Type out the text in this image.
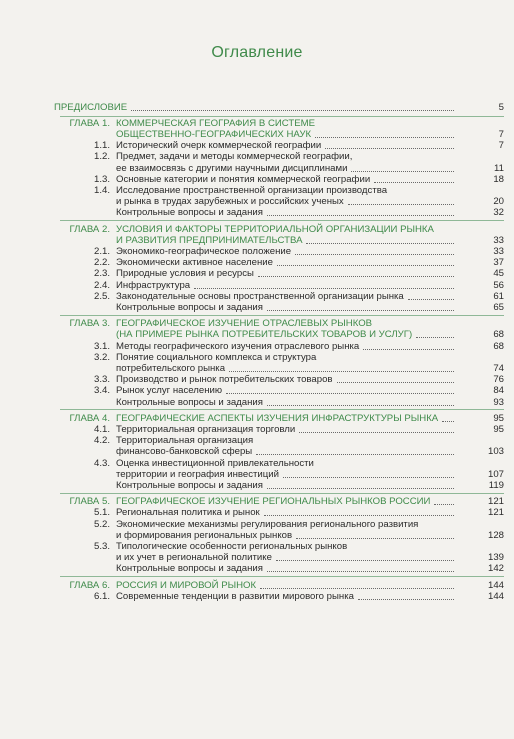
Оглавление
ПРЕДИСЛОВИЕ	5
ГЛАВА 1. КОММЕРЧЕСКАЯ ГЕОГРАФИЯ В СИСТЕМЕ
ОБЩЕСТВЕННО-ГЕОГРАФИЧЕСКИХ НАУК	7
1.1. Исторический очерк коммерческой географии	7
1.2. Предмет, задачи и методы коммерческой географии,
ее взаимосвязь с другими научными дисциплинами	11
1.3. Основные категории и понятия коммерческой географии	18
1.4. Исследование пространственной организации производства
и рынка в трудах зарубежных и российских ученых	20
Контрольные вопросы и задания	32
ГЛАВА 2. УСЛОВИЯ И ФАКТОРЫ ТЕРРИТОРИАЛЬНОЙ ОРГАНИЗАЦИИ РЫНКА
И РАЗВИТИЯ ПРЕДПРИНИМАТЕЛЬСТВА	33
2.1. Экономико-географическое положение	33
2.2. Экономически активное население	37
2.3. Природные условия и ресурсы	45
2.4. Инфраструктура	56
2.5. Законодательные основы пространственной организации рынка	61
Контрольные вопросы и задания	65
ГЛАВА 3. ГЕОГРАФИЧЕСКОЕ ИЗУЧЕНИЕ ОТРАСЛЕВЫХ РЫНКОВ
(НА ПРИМЕРЕ РЫНКА ПОТРЕБИТЕЛЬСКИХ ТОВАРОВ И УСЛУГ)	68
3.1. Методы географического изучения отраслевого рынка	68
3.2. Понятие социального комплекса и структура
потребительского рынка	74
3.3. Производство и рынок потребительских товаров	76
3.4. Рынок услуг населению	84
Контрольные вопросы и задания	93
ГЛАВА 4. ГЕОГРАФИЧЕСКИЕ АСПЕКТЫ ИЗУЧЕНИЯ ИНФРАСТРУКТУРЫ РЫНКА	95
4.1. Территориальная организация торговли	95
4.2. Территориальная организация
финансово-банковской сферы	103
4.3. Оценка инвестиционной привлекательности
территории и география инвестиций	107
Контрольные вопросы и задания	119
ГЛАВА 5. ГЕОГРАФИЧЕСКОЕ ИЗУЧЕНИЕ РЕГИОНАЛЬНЫХ РЫНКОВ РОССИИ	121
5.1. Региональная политика и рынок	121
5.2. Экономические механизмы регулирования регионального развития
и формирования региональных рынков	128
5.3. Типологические особенности региональных рынков
и их учет в региональной политике	139
Контрольные вопросы и задания	142
ГЛАВА 6. РОССИЯ И МИРОВОЙ РЫНОК	144
6.1. Современные тенденции в развитии мирового рынка	144
